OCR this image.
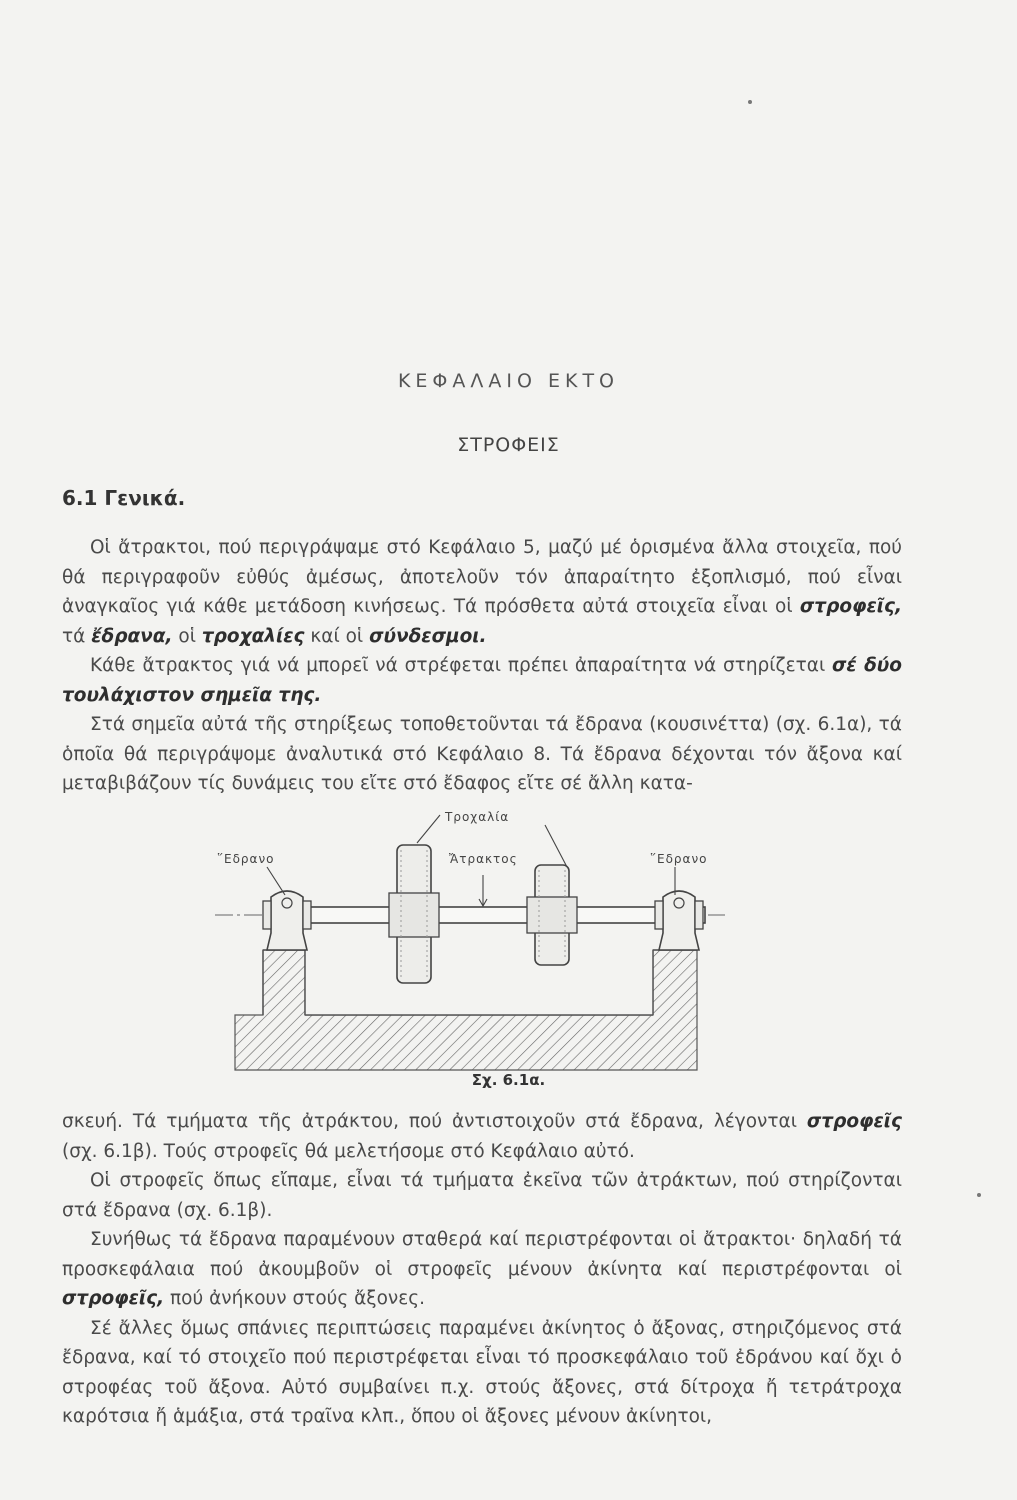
ΚΕΦΑΛΑΙΟ ΕΚΤΟ
ΣΤΡΟΦΕΙΣ
6.1 Γενικά.

Οἱ ἄτρακτοι, πού περιγράψαμε στό Κεφάλαιο 5, μαζύ μέ ὁρισμένα ἄλλα στοιχεῖα, πού θά περιγραφοῦν εὐθύς ἀμέσως, ἀποτελοῦν τόν ἀπαραίτητο ἐξοπλισμό, πού εἶναι ἀναγκαῖος γιά κάθε μετάδοση κινήσεως. Τά πρόσθετα αὐτά στοιχεῖα εἶναι οἱ στροφεῖς, τά ἔδρανα, οἱ τροχαλίες καί οἱ σύνδεσμοι.

Κάθε ἄτρακτος γιά νά μπορεῖ νά στρέφεται πρέπει ἀπαραίτητα νά στηρίζεται σέ δύο τουλάχιστον σημεῖα της.

Στά σημεῖα αὐτά τῆς στηρίξεως τοποθετοῦνται τά ἔδρανα (κουσινέττα) (σχ. 6.1α), τά ὁποῖα θά περιγράψομε ἀναλυτικά στό Κεφάλαιο 8. Τά ἔδρανα δέχονται τόν ἄξονα καί μεταβιβάζουν τίς δυνάμεις του εἴτε στό ἔδαφος εἴτε σέ ἄλλη κατα-

Τροχαλία
῞Εδρανο	Ἄτρακτος	῞Εδρανο
Σχ. 6.1α.

σκευή. Τά τμήματα τῆς ἀτράκτου, πού ἀντιστοιχοῦν στά ἔδρανα, λέγονται στροφεῖς (σχ. 6.1β). Τούς στροφεῖς θά μελετήσομε στό Κεφάλαιο αὐτό.

Οἱ στροφεῖς ὅπως εἴπαμε, εἶναι τά τμήματα ἐκεῖνα τῶν ἀτράκτων, πού στηρίζονται στά ἔδρανα (σχ. 6.1β).

Συνήθως τά ἔδρανα παραμένουν σταθερά καί περιστρέφονται οἱ ἄτρακτοι· δηλαδή τά προσκεφάλαια πού ἀκουμβοῦν οἱ στροφεῖς μένουν ἀκίνητα καί περιστρέφονται οἱ στροφεῖς, πού ἀνήκουν στούς ἄξονες.

Σέ ἄλλες ὅμως σπάνιες περιπτώσεις παραμένει ἀκίνητος ὁ ἄξονας, στηριζόμενος στά ἔδρανα, καί τό στοιχεῖο πού περιστρέφεται εἶναι τό προσκεφάλαιο τοῦ ἐδράνου καί ὄχι ὁ στροφέας τοῦ ἄξονα. Αὐτό συμβαίνει π.χ. στούς ἄξονες, στά δίτροχα ἤ τετράτροχα καρότσια ἤ ἁμάξια, στά τραῖνα κλπ., ὅπου οἱ ἄξονες μένουν ἀκίνητοι,
